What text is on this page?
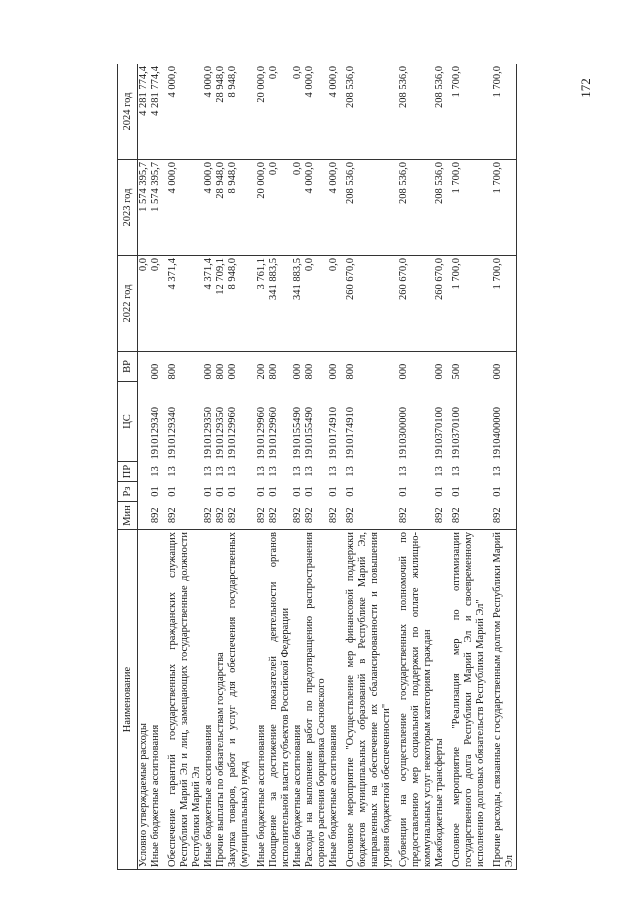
172
Наименование	Мин	Рз	ПР	ЦС	ВР	2022 год	2023 год	2024 год
Условно утверждаемые расходы						0,0	1 574 395,7	4 281 774,4
Иные бюджетные ассигнования	892	01	13	1910129340	000	0,0	1 574 395,7	4 281 774,4
Обеспечение гарантий государственных гражданских служащих Республики Марий Эл и лиц, замещающих государственные должности Республики Марий Эл	892	01	13	1910129340	800	4 371,4	4 000,0	4 000,0
Иные бюджетные ассигнования	892	01	13	1910129350	000	4 371,4	4 000,0	4 000,0
Прочие выплаты по обязательствам государства	892	01	13	1910129350	800	12 709,1	28 948,0	28 948,0
Закупка товаров, работ и услуг для обеспечения государственных (муниципальных) нужд	892	01	13	1910129960	000	8 948,0	8 948,0	8 948,0
Иные бюджетные ассигнования	892	01	13	1910129960	200	3 761,1	20 000,0	20 000,0
Поощрение за достижение показателей деятельности органов исполнительной власти субъектов Российской Федерации	892	01	13	1910129960	800	341 883,5	0,0	0,0
Иные бюджетные ассигнования	892	01	13	1910155490	000	341 883,5	0,0	0,0
Расходы на выполнение работ по предотвращению распространения сорного растения борщевика Сосновского	892	01	13	1910155490	800	0,0	4 000,0	4 000,0
Иные бюджетные ассигнования	892	01	13	1910174910	000	0,0	4 000,0	4 000,0
Основное мероприятие "Осуществление мер финансовой поддержки бюджетов муниципальных образований в Республике Марий Эл, направленных на обеспечение их сбалансированности и повышения уровня бюджетной обеспеченности"	892	01	13	1910174910	800	260 670,0	208 536,0	208 536,0
Субвенции на осуществление государственных полномочий по предоставлению мер социальной поддержки по оплате жилищно-коммунальных услуг некоторым категориям граждан	892	01	13	1910300000	000	260 670,0	208 536,0	208 536,0
Межбюджетные трансферты	892	01	13	1910370100	000	260 670,0	208 536,0	208 536,0
Основное мероприятие "Реализация мер по оптимизации государственного долга Республики Марий Эл и своевременному исполнению долговых обязательств Республики Марий Эл"	892	01	13	1910370100	500	1 700,0	1 700,0	1 700,0
Прочие расходы, связанные с государственным долгом Республики Марий Эл	892	01	13	1910400000	000	1 700,0	1 700,0	1 700,0
